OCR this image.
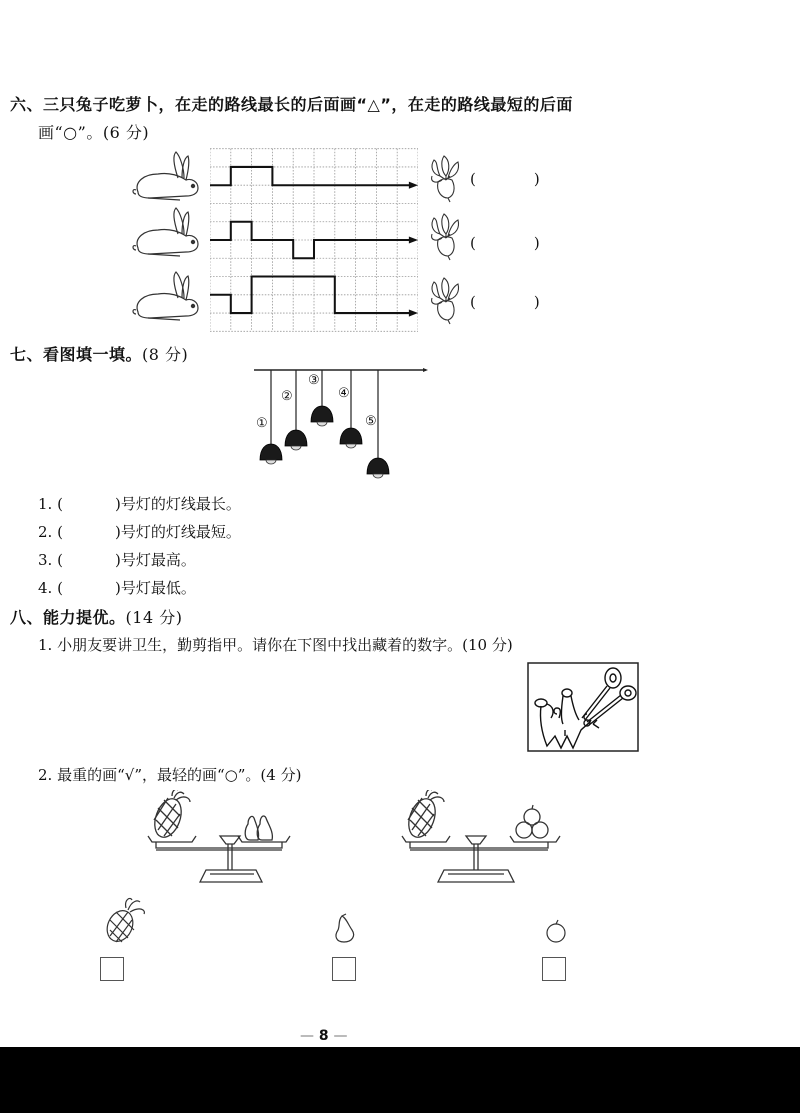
六、三只兔子吃萝卜，在走的路线最长的后面画“△”，在走的路线最短的后面
画“○”。(6 分)
(	)
(	)
(	)
七、看图填一填。(8 分)
①
②
③
④
⑤
1. (	)号灯的灯线最长。
2. (	)号灯的灯线最短。
3. (	)号灯最高。
4. (	)号灯最低。
八、能力提优。(14 分)
1. 小朋友要讲卫生，勤剪指甲。请你在下图中找出藏着的数字。(10 分)
2. 最重的画“√”，最轻的画“○”。(4 分)
— 8 —
